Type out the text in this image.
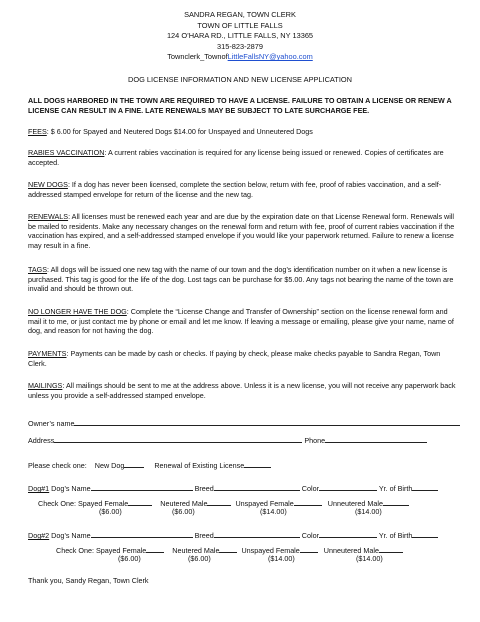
SANDRA REGAN, TOWN CLERK
TOWN OF LITTLE FALLS
124 O’HARA RD., LITTLE FALLS, NY 13365
315-823-2879
Townclerk_TownofLittleFallsNY@yahoo.com
DOG LICENSE INFORMATION AND NEW LICENSE APPLICATION
ALL DOGS HARBORED IN THE TOWN ARE REQUIRED TO HAVE A LICENSE. FAILURE TO OBTAIN A LICENSE OR RENEW A LICENSE CAN RESULT IN A FINE. LATE RENEWALS MAY BE SUBJECT TO LATE SURCHARGE FEE.
FEES: $ 6.00 for Spayed and Neutered Dogs $14.00 for Unspayed and Unneutered Dogs
RABIES VACCINATION: A current rabies vaccination is required for any license being issued or renewed. Copies of certificates are accepted.
NEW DOGS: If a dog has never been licensed, complete the section below, return with fee, proof of rabies vaccination, and a self-addressed stamped envelope for return of the license and the new tag.
RENEWALS: All licenses must be renewed each year and are due by the expiration date on that License Renewal form. Renewals will be mailed to residents. Make any necessary changes on the renewal form and return with fee, proof of current rabies vaccination if the vaccination has expired, and a self-addressed stamped envelope if you would like your paperwork returned. Failure to renew a license may result in a fine.
TAGS: All dogs will be issued one new tag with the name of our town and the dog’s identification number on it when a new license is purchased. This tag is good for the life of the dog. Lost tags can be purchase for $5.00. Any tags not bearing the name of the town are invalid and should be thrown out.
NO LONGER HAVE THE DOG: Complete the “License Change and Transfer of Ownership” section on the license renewal form and mail it to me, or just contact me by phone or email and let me know. If leaving a message or emailing, please give your name, name of dog, and reason for not having the dog.
PAYMENTS: Payments can be made by cash or checks. If paying by check, please make checks payable to Sandra Regan, Town Clerk.
MAILINGS: All mailings should be sent to me at the address above. Unless it is a new license, you will not receive any paperwork back unless you provide a self-addressed stamped envelope.
Owner’s name
Address	Phone
Please check one: New Dog	Renewal of Existing License
Dog#1 Dog’s Name	Breed	Color	Yr. of Birth
Check One: Spayed Female	Neutered Male	Unspayed Female	Unneutered Male
($6.00)	($6.00)	($14.00)	($14.00)
Dog#2 Dog’s Name	Breed	Color	Yr. of Birth
Check One: Spayed Female	Neutered Male	Unspayed Female	Unneutered Male
($6.00)	($6.00)	($14.00)	($14.00)
Thank you, Sandy Regan, Town Clerk
